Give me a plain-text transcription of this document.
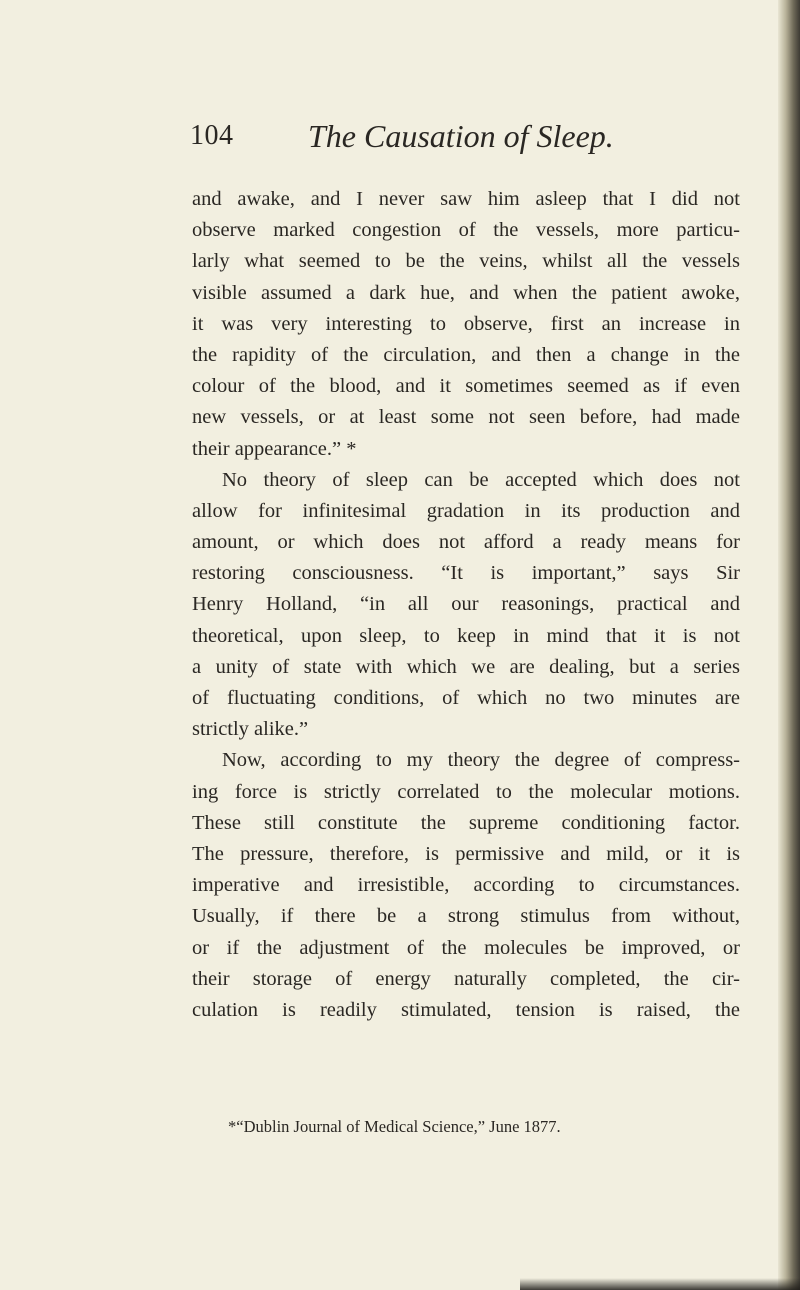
104 The Causation of Sleep.
and awake, and I never saw him asleep that I did not
observe marked congestion of the vessels, more particu-
larly what seemed to be the veins, whilst all the vessels
visible assumed a dark hue, and when the patient awoke,
it was very interesting to observe, first an increase in
the rapidity of the circulation, and then a change in the
colour of the blood, and it sometimes seemed as if even
new vessels, or at least some not seen before, had made
their appearance.” *
No theory of sleep can be accepted which does not
allow for infinitesimal gradation in its production and
amount, or which does not afford a ready means for
restoring consciousness. “It is important,” says Sir
Henry Holland, “in all our reasonings, practical and
theoretical, upon sleep, to keep in mind that it is not
a unity of state with which we are dealing, but a series
of fluctuating conditions, of which no two minutes are
strictly alike.”
Now, according to my theory the degree of compress-
ing force is strictly correlated to the molecular motions.
These still constitute the supreme conditioning factor.
The pressure, therefore, is permissive and mild, or it is
imperative and irresistible, according to circumstances.
Usually, if there be a strong stimulus from without,
or if the adjustment of the molecules be improved, or
their storage of energy naturally completed, the cir-
culation is readily stimulated, tension is raised, the
*“Dublin Journal of Medical Science,” June 1877.
